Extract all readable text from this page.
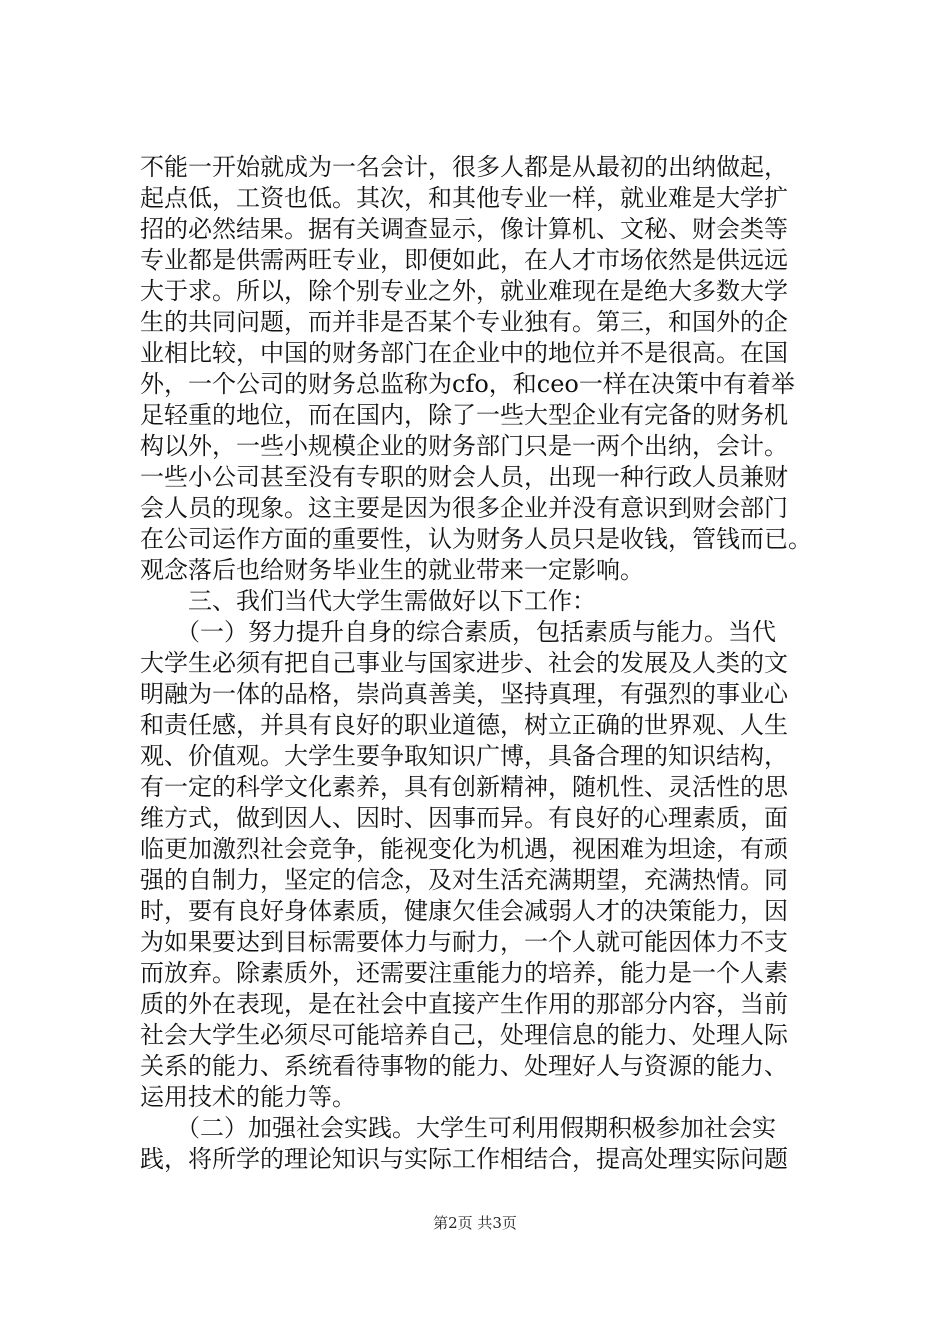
不能一开始就成为一名会计，很多人都是从最初的出纳做起，
起点低，工资也低。其次，和其他专业一样，就业难是大学扩
招的必然结果。据有关调查显示，像计算机、文秘、财会类等
专业都是供需两旺专业，即便如此，在人才市场依然是供远远
大于求。所以，除个别专业之外，就业难现在是绝大多数大学
生的共同问题，而并非是否某个专业独有。第三，和国外的企
业相比较，中国的财务部门在企业中的地位并不是很高。在国
外，一个公司的财务总监称为cfo，和ceo一样在决策中有着举
足轻重的地位，而在国内，除了一些大型企业有完备的财务机
构以外，一些小规模企业的财务部门只是一两个出纳，会计。
一些小公司甚至没有专职的财会人员，出现一种行政人员兼财
会人员的现象。这主要是因为很多企业并没有意识到财会部门
在公司运作方面的重要性，认为财务人员只是收钱，管钱而已。
观念落后也给财务毕业生的就业带来一定影响。
　　三、我们当代大学生需做好以下工作：
　　（一）努力提升自身的综合素质，包括素质与能力。当代
大学生必须有把自己事业与国家进步、社会的发展及人类的文
明融为一体的品格，崇尚真善美，坚持真理，有强烈的事业心
和责任感，并具有良好的职业道德，树立正确的世界观、人生
观、价值观。大学生要争取知识广博，具备合理的知识结构，
有一定的科学文化素养，具有创新精神，随机性、灵活性的思
维方式，做到因人、因时、因事而异。有良好的心理素质，面
临更加激烈社会竞争，能视变化为机遇，视困难为坦途，有顽
强的自制力，坚定的信念，及对生活充满期望，充满热情。同
时，要有良好身体素质，健康欠佳会减弱人才的决策能力，因
为如果要达到目标需要体力与耐力，一个人就可能因体力不支
而放弃。除素质外，还需要注重能力的培养，能力是一个人素
质的外在表现，是在社会中直接产生作用的那部分内容，当前
社会大学生必须尽可能培养自己，处理信息的能力、处理人际
关系的能力、系统看待事物的能力、处理好人与资源的能力、
运用技术的能力等。
　　（二）加强社会实践。大学生可利用假期积极参加社会实
践，将所学的理论知识与实际工作相结合，提高处理实际问题
第2页 共3页
